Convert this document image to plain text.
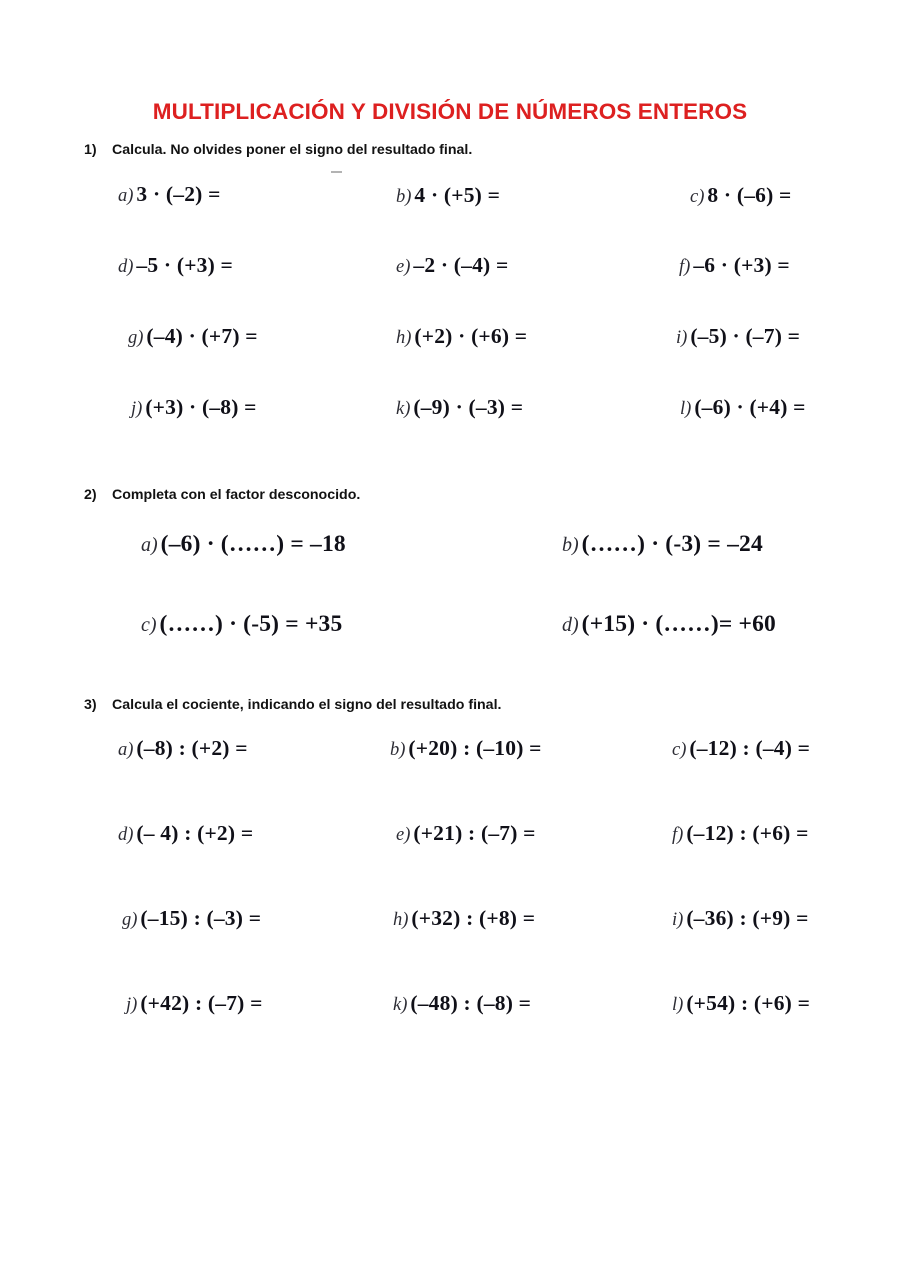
MULTIPLICACIÓN Y DIVISIÓN DE NÚMEROS ENTEROS
1)	Calcula. No olvides poner el signo del resultado final.
a) 3 · (–2) =	b) 4 · (+5) =	c) 8 · (–6) =
d) –5 · (+3) =	e) –2 · (–4) =	f) –6 · (+3) =
g) (–4) · (+7) =	h) (+2) · (+6) =	i) (–5) · (–7) =
j) (+3) · (–8) =	k) (–9) · (–3) =	l) (–6) · (+4) =
2)	Completa con el factor desconocido.
a) (–6) · (……) = –18	b) (……) · (-3) = –24
c) (……) · (-5) = +35	d) (+15) · (……)= +60
3)	Calcula el cociente, indicando el signo del resultado final.
a) (–8) : (+2) =	b) (+20) : (–10) =	c) (–12) : (–4) =
d) (– 4) : (+2) =	e) (+21) : (–7) =	f) (–12) : (+6) =
g) (–15) : (–3) =	h) (+32) : (+8) =	i) (–36) : (+9) =
j) (+42) : (–7) =	k) (–48) : (–8) =	l) (+54) : (+6) =
